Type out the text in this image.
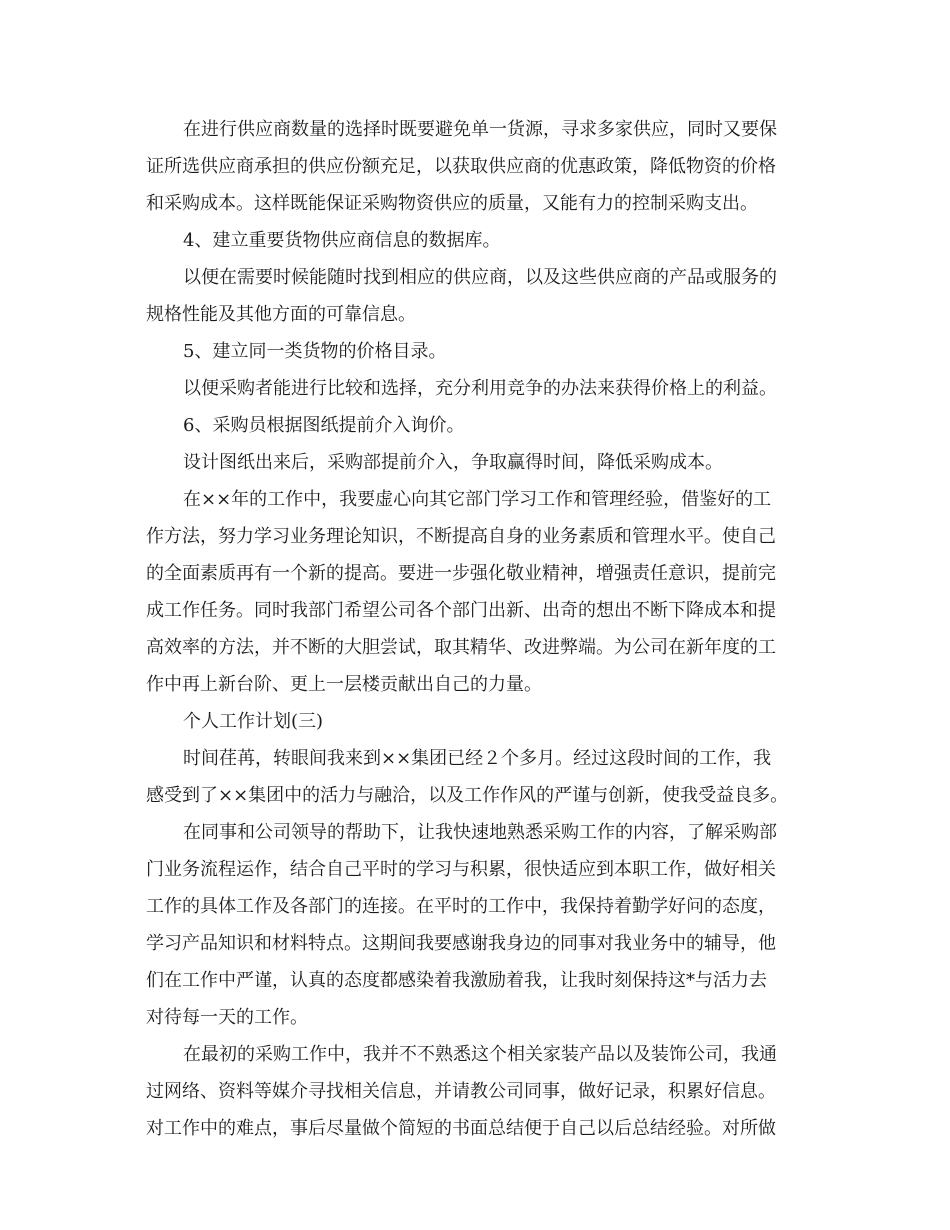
在进行供应商数量的选择时既要避免单一货源，寻求多家供应，同时又要保

证所选供应商承担的供应份额充足，以获取供应商的优惠政策，降低物资的价格

和采购成本。这样既能保证采购物资供应的质量，又能有力的控制采购支出。

4、建立重要货物供应商信息的数据库。

以便在需要时候能随时找到相应的供应商，以及这些供应商的产品或服务的

规格性能及其他方面的可靠信息。

5、建立同一类货物的价格目录。

以便采购者能进行比较和选择，充分利用竞争的办法来获得价格上的利益。

6、采购员根据图纸提前介入询价。

设计图纸出来后，采购部提前介入，争取赢得时间，降低采购成本。

在××年的工作中，我要虚心向其它部门学习工作和管理经验，借鉴好的工

作方法，努力学习业务理论知识，不断提高自身的业务素质和管理水平。使自己

的全面素质再有一个新的提高。要进一步强化敬业精神，增强责任意识，提前完

成工作任务。同时我部门希望公司各个部门出新、出奇的想出不断下降成本和提

高效率的方法，并不断的大胆尝试，取其精华、改进弊端。为公司在新年度的工

作中再上新台阶、更上一层楼贡献出自己的力量。

个人工作计划(三)

时间荏苒，转眼间我来到××集团已经２个多月。经过这段时间的工作，我

感受到了××集团中的活力与融洽，以及工作作风的严谨与创新，使我受益良多。

在同事和公司领导的帮助下，让我快速地熟悉采购工作的内容，了解采购部

门业务流程运作，结合自己平时的学习与积累，很快适应到本职工作，做好相关

工作的具体工作及各部门的连接。在平时的工作中，我保持着勤学好问的态度，

学习产品知识和材料特点。这期间我要感谢我身边的同事对我业务中的辅导，他

们在工作中严谨，认真的态度都感染着我激励着我，让我时刻保持这*与活力去

对待每一天的工作。

在最初的采购工作中，我并不不熟悉这个相关家装产品以及装饰公司，我通

过网络、资料等媒介寻找相关信息，并请教公司同事，做好记录，积累好信息。

对工作中的难点，事后尽量做个简短的书面总结便于自己以后总结经验。对所做
